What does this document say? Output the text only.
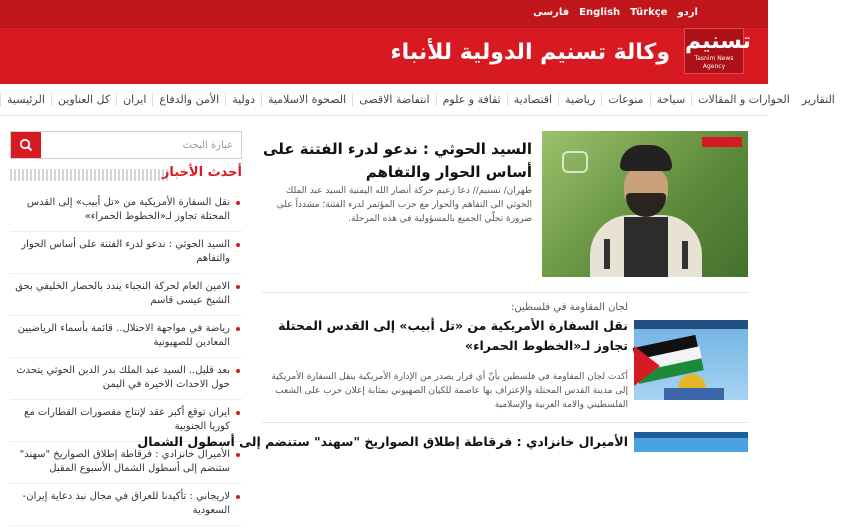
فارسی English Türkçe اردو
تسنیم
Tasnim News Agency
وكالة تسنيم الدولية للأنباء
الرئيسية	كل العناوين	ايران	الأمن والدفاع	دولية	الصحوة الاسلامية	انتفاضة الاقصى	ثقافة و علوم	اقتصادية	رياضية	منوعات	سياحة	الحوارات و المقالات	التقارير
عبارة البحث
أحدث الأخبار
نقل السفارة الأمريكية من «تل أبيب» إلى القدس المحتلة تجاوز لـ«الخطوط الحمراء»
السيد الحوثي : ندعو لدرء الفتنة على أساس الحوار والتفاهم
الامين العام لحركة النجباء يندد بالحصار الخليفي بحق الشيخ عيسى قاسم
رياضة في مواجهة الاحتلال.. قائمة بأسماء الرياضيين المعادين للصهيونية
بعد قليل.. السيد عبد الملك بدر الدين الحوثي يتحدث حول الاحداث الاخيرة في اليمن
ايران توقع أكبر عقد لإنتاج مقصورات القطارات مع كوريا الجنوبية
الأميرال خانزادي : فرقاطة إطلاق الصواريخ "سهند" ستنضم إلى أسطول الشمال الأسبوع المقبل
لاريجاني : تأكيدنا للعراق في مجال نبذ دعاية إيران-السعودية
السيد الحوثي : ندعو لدرء الفتنة على أساس الحوار والتفاهم
طهران/ تسنيم// دعا زعيم حركة أنصار الله اليمنية السيد عبد الملك الحوثي الى التفاهم والحوار مع حزب المؤتمر لدرء الفتنة؛ مشدداً على ضرورة تحلّي الجميع بالمسؤولية في هذه المرحلة.
لجان المقاومة في فلسطين:
نقل السفارة الأمريكية من «تل أبيب» إلى القدس المحتلة تجاوز لـ«الخطوط الحمراء»
أكدت لجان المقاومة في فلسطين بأنّ أي قرار يصدر من الإدارة الأمريكية بنقل السفارة الأمريكية إلى مدينة القدس المحتلة والإعتراف بها عاصمة للكيان الصهيوني بمثابة إعلان حرب على الشعب الفلسطيني والامة العربية والإسلامية
الأميرال خانزادي : فرقاطة إطلاق الصواريخ "سهند" ستنضم إلى أسطول الشمال
